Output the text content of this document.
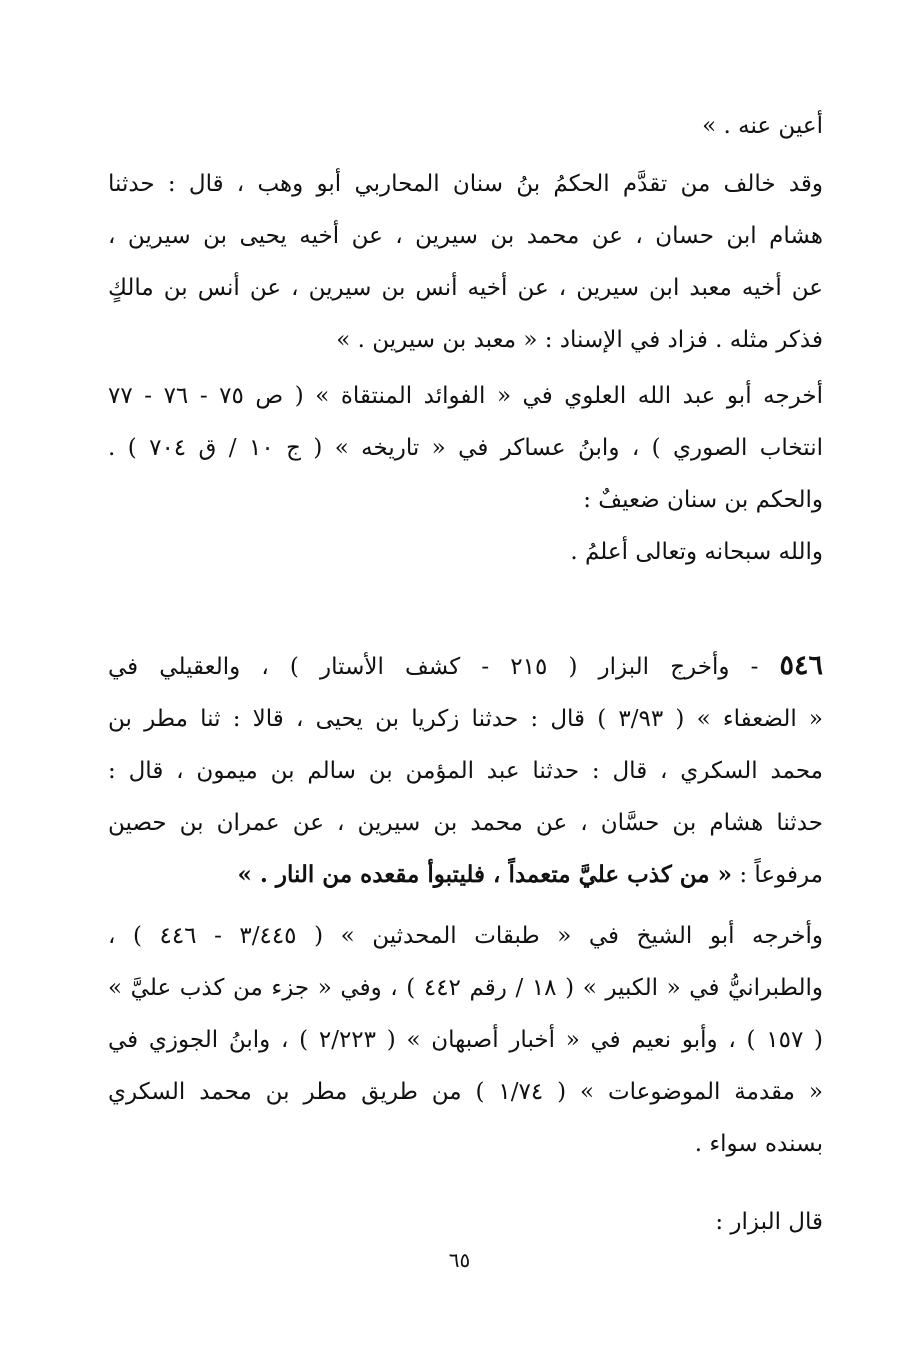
أعين عنه . »
وقد خالف من تقدَّم الحكمُ بنُ سنان المحاربي أبو وهب ، قال : حدثنا
هشام ابن حسان ، عن محمد بن سيرين ، عن أخيه يحيى بن سيرين ،
عن أخيه معبد ابن سيرين ، عن أخيه أنس بن سيرين ، عن أنس بن مالكٍ
فذكر مثله . فزاد في الإسناد : « معبد بن سيرين . »
أخرجه أبو عبد الله العلوي في « الفوائد المنتقاة » ( ص ٧٥ - ٧٦ - ٧٧
انتخاب الصوري ) ، وابنُ عساكر في « تاريخه » ( ج ١٠ / ق ٧٠٤ ) .
والحكم بن سنان ضعيفٌ :
والله سبحانه وتعالى أعلمُ .
٥٤٦ - وأخرج البزار ( ٢١٥ - كشف الأستار ) ، والعقيلي في
« الضعفاء » ( ٣/٩٣ ) قال : حدثنا زكريا بن يحيى ، قالا : ثنا مطر بن
محمد السكري ، قال : حدثنا عبد المؤمن بن سالم بن ميمون ، قال :
حدثنا هشام بن حسَّان ، عن محمد بن سيرين ، عن عمران بن حصين
مرفوعاً : « من كذب عليَّ متعمداً ، فليتبوأ مقعده من النار . »
وأخرجه أبو الشيخ في « طبقات المحدثين » ( ٣/٤٤٥ - ٤٤٦ ) ،
والطبرانيُّ في « الكبير » ( ١٨ / رقم ٤٤٢ ) ، وفي « جزء من كذب عليَّ »
( ١٥٧ ) ، وأبو نعيم في « أخبار أصبهان » ( ٢/٢٢٣ ) ، وابنُ الجوزي في
« مقدمة الموضوعات » ( ١/٧٤ ) من طريق مطر بن محمد السكري
بسنده سواء .
قال البزار :
٦٥
